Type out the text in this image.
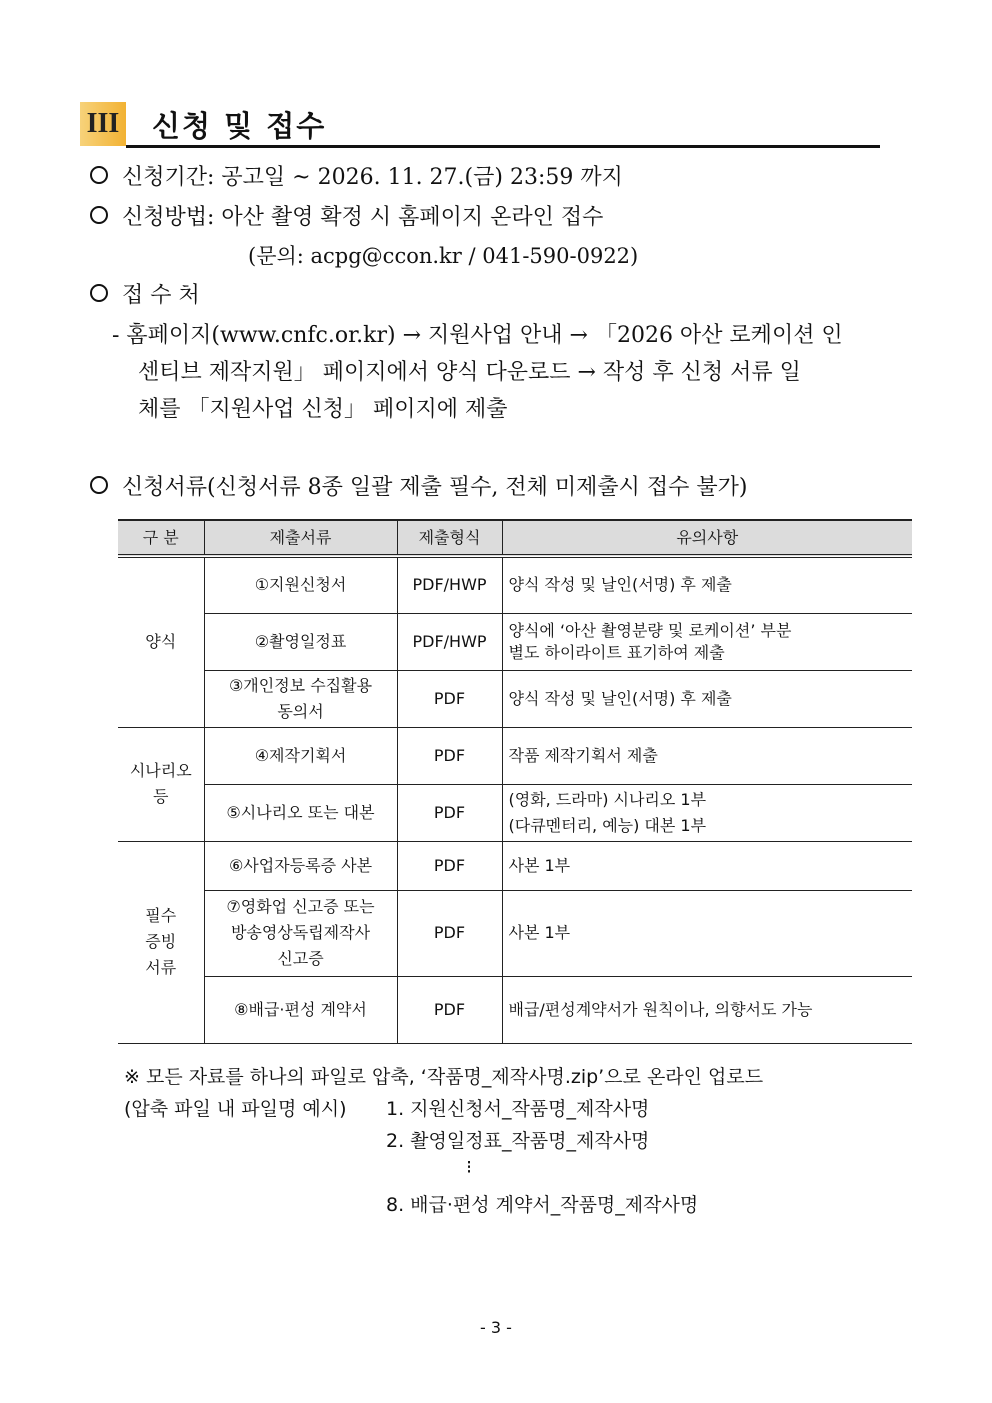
III 신청 및 접수
신청기간: 공고일 ~ 2026. 11. 27.(금) 23:59 까지
신청방법: 아산 촬영 확정 시 홈페이지 온라인 접수
(문의: acpg@ccon.kr / 041-590-0922)
접 수 처
- 홈페이지(www.cnfc.or.kr) → 지원사업 안내 → 「2026 아산 로케이션 인
센티브 제작지원」 페이지에서 양식 다운로드 → 작성 후 신청 서류 일
체를 「지원사업 신청」 페이지에 제출
신청서류(신청서류 8종 일괄 제출 필수, 전체 미제출시 접수 불가)
구 분	제출서류	제출형식	유의사항
양식	①지원신청서	PDF/HWP	양식 작성 및 날인(서명) 후 제출
	②촬영일정표	PDF/HWP	양식에 ‘아산 촬영분량 및 로케이션’ 부분
별도 하이라이트 표기하여 제출

	③개인정보 수집활용
동의서	PDF	양식 작성 및 날인(서명) 후 제출

시나리오
등	④제작기획서	PDF	작품 제작기획서 제출
	⑤시나리오 또는 대본	PDF	(영화, 드라마) 시나리오 1부
(다큐멘터리, 예능) 대본 1부

필수
증빙
서류	⑥사업자등록증 사본	PDF	사본 1부

	⑦영화업 신고증 또는
방송영상독립제작사
신고증	PDF	사본 1부
	⑧배급·편성 계약서	PDF	배급/편성계약서가 원칙이나, 의향서도 가능
※ 모든 자료를 하나의 파일로 압축, ‘작품명_제작사명.zip’으로 온라인 업로드
(압축 파일 내 파일명 예시) 1. 지원신청서_작품명_제작사명
2. 촬영일정표_작품명_제작사명
⁝
8. 배급·편성 계약서_작품명_제작사명
- 3 -
